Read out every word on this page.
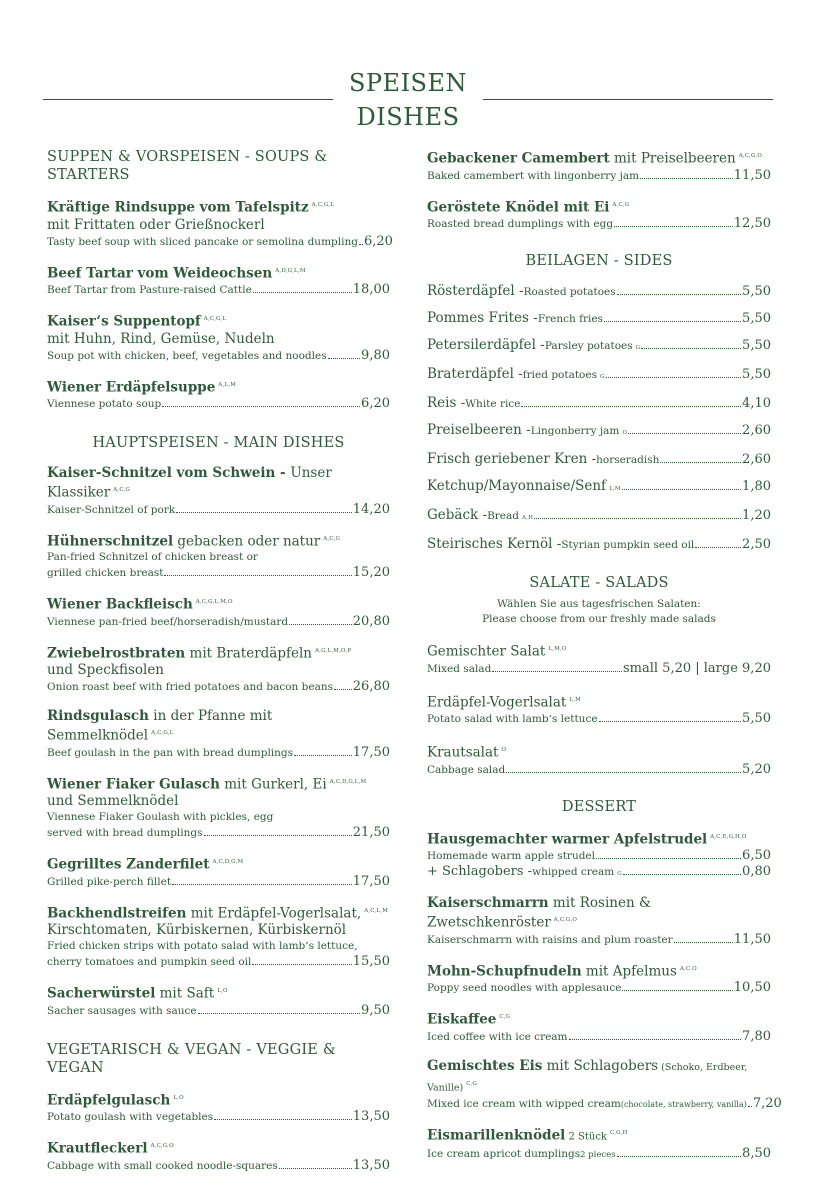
SPEISEN
DISHES
SUPPEN & VORSPEISEN - SOUPS & STARTERS
Kräftige Rindsuppe vom Tafelspitz $^{A,C,G,L}$
mit Frittaten oder Grießnockerl
Tasty beef soup with sliced pancake or semolina dumpling 6,20
Beef Tartar vom Weideochsen $^{A,D,G,L,M}$
Beef Tartar from Pasture-raised Cattle	18,00
Kaiser‘s Suppentopf $^{A,C,G,L}$
mit Huhn, Rind, Gemüse, Nudeln
Soup pot with chicken, beef, vegetables and noodles	9,80
Wiener Erdäpfelsuppe $^{A,L,M}$
Viennese potato soup	6,20
HAUPTSPEISEN - MAIN DISHES
Kaiser-Schnitzel vom Schwein - Unser Klassiker $^{A,C,G}$
Kaiser-Schnitzel of pork	14,20
Hühnerschnitzel gebacken oder natur $^{A,C,G}$
Pan-fried Schnitzel of chicken breast or
grilled chicken breast	15,20
Wiener Backfleisch $^{A,C,G,L,M,O}$
Viennese pan-fried beef/horseradish/mustard	20,80
Zwiebelrostbraten mit Braterdäpfeln $^{A,G,L,M,O,P}$
und Speckfisolen
Onion roast beef with fried potatoes and bacon beans 26,80
Rindsgulasch in der Pfanne mit Semmelknödel $^{A,C,G,L}$
Beef goulash in the pan with bread dumplings	17,50
Wiener Fiaker Gulasch mit Gurkerl, Ei $^{A,C,D,G,L,M}$
und Semmelknödel
Viennese Fiaker Goulash with pickles, egg
served with bread dumplings	21,50
Gegrilltes Zanderfilet $^{A,C,D,G,M}$
Grilled pike-perch fillet	17,50
Backhendlstreifen mit Erdäpfel-Vogerlsalat, $^{A,C,L,M}$
Kirschtomaten, Kürbiskernen, Kürbiskernöl
Fried chicken strips with potato salad with lamb‘s lettuce,
cherry tomatoes and pumpkin seed oil	15,50
Sacherwürstel mit Saft $^{L,O}$
Sacher sausages with sauce	9,50
VEGETARISCH & VEGAN - VEGGIE & VEGAN
Erdäpfelgulasch $^{L,O}$
Potato goulash with vegetables	13,50
Krautfleckerl $^{A,C,G,O}$
Cabbage with small cooked noodle-squares	13,50
Gebackener Camembert mit Preiselbeeren $^{A,C,G,O}$
Baked camembert with lingonberry jam	11,50
Geröstete Knödel mit Ei $^{A,C,G}$
Roasted bread dumplings with egg	12,50
BEILAGEN - SIDES
Rösterdäpfel - Roasted potatoes	5,50
Pommes Frites - French fries	5,50
Petersilerdäpfel - Parsley potatoes G	5,50
Braterdäpfel - fried potatoes G	5,50
Reis - White rice	4,10
Preiselbeeren - Lingonberry jam O	2,60
Frisch geriebener Kren - horseradish	2,60
Ketchup/Mayonnaise/Senf L,M	1,80
Gebäck - Bread A,H	1,20
Steirisches Kernöl - Styrian pumpkin seed oil	2,50
SALATE - SALADS
Wählen Sie aus tagesfrischen Salaten:
Please choose from our freshly made salads
Gemischter Salat $^{L,M,O}$
Mixed salad	small 5,20 | large 9,20
Erdäpfel-Vogerlsalat $^{L,M}$
Potato salad with lamb‘s lettuce	5,50
Krautsalat $^O$
Cabbage salad	5,20
DESSERT
Hausgemachter warmer Apfelstrudel $^{A,C,E,G,H,O}$
Homemade warm apple strudel	6,50
+ Schlagobers - whipped cream G	0,80
Kaiserschmarrn mit Rosinen & Zwetschkenröster $^{A,C,G,O}$
Kaiserschmarrn with raisins and plum roaster	11,50
Mohn-Schupfnudeln mit Apfelmus $^{A,C,O}$
Poppy seed noodles with applesauce	10,50
Eiskaffee $^{C,G}$
Iced coffee with ice cream	7,80
Gemischtes Eis mit Schlagobers (Schoko, Erdbeer, Vanille) $^{C,G}$
Mixed ice cream with wipped cream (chocolate, strawberry, vanilla) 7,20
Eismarillenknödel 2 Stück $^{C,G,H}$
Ice cream apricot dumplings 2 pieces	8,50
